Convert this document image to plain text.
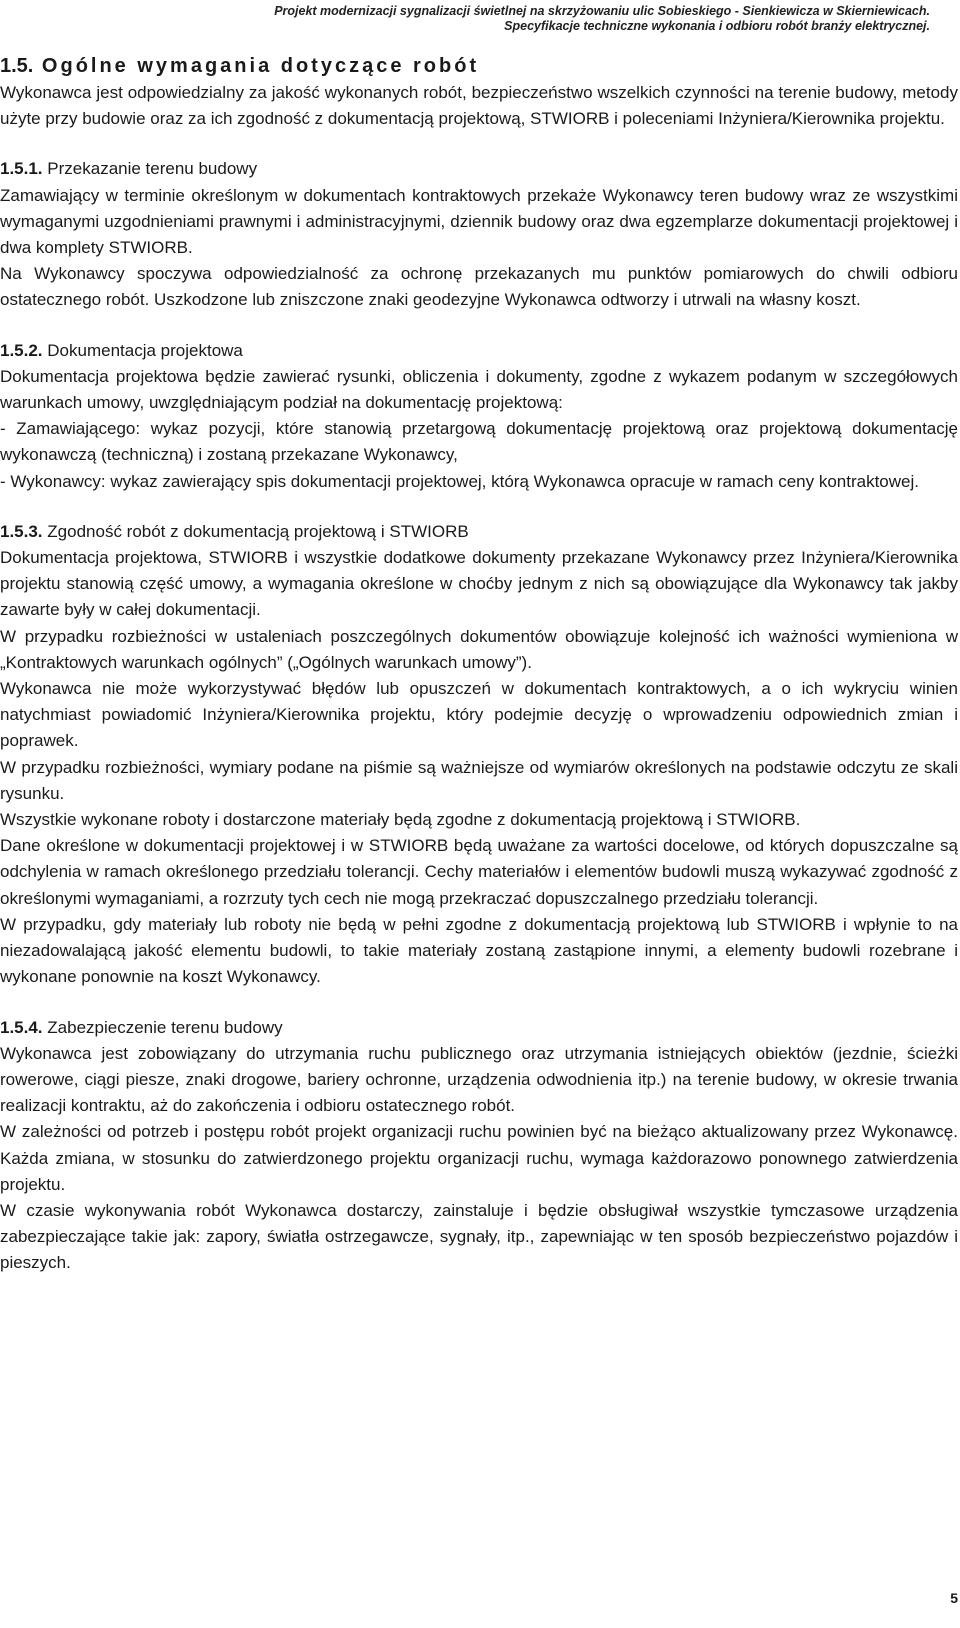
Projekt modernizacji sygnalizacji świetlnej na skrzyżowaniu ulic Sobieskiego - Sienkiewicza w Skierniewicach.
Specyfikacje techniczne wykonania i odbioru robót branży elektrycznej.
1.5. Ogólne wymagania dotyczące robót

Wykonawca jest odpowiedzialny za jakość wykonanych robót, bezpieczeństwo wszelkich czynności na terenie budowy, metody użyte przy budowie oraz za ich zgodność z dokumentacją projektową, STWIORB i poleceniami Inżyniera/Kierownika projektu.

1.5.1. Przekazanie terenu budowy

Zamawiający w terminie określonym w dokumentach kontraktowych przekaże Wykonawcy teren budowy wraz ze wszystkimi wymaganymi uzgodnieniami prawnymi i administracyjnymi, dziennik budowy oraz dwa egzemplarze dokumentacji projektowej i dwa komplety STWIORB.

Na Wykonawcy spoczywa odpowiedzialność za ochronę przekazanych mu punktów pomiarowych do chwili odbioru ostatecznego robót. Uszkodzone lub zniszczone znaki geodezyjne Wykonawca odtworzy i utrwali na własny koszt.

1.5.2. Dokumentacja projektowa

Dokumentacja projektowa będzie zawierać rysunki, obliczenia i dokumenty, zgodne z wykazem podanym w szczegółowych warunkach umowy, uwzględniającym podział na dokumentację projektową:

- Zamawiającego: wykaz pozycji, które stanowią przetargową dokumentację projektową oraz projektową dokumentację wykonawczą (techniczną) i zostaną przekazane Wykonawcy,

- Wykonawcy: wykaz zawierający spis dokumentacji projektowej, którą Wykonawca opracuje w ramach ceny kontraktowej.

1.5.3. Zgodność robót z dokumentacją projektową i STWIORB

Dokumentacja projektowa, STWIORB i wszystkie dodatkowe dokumenty przekazane Wykonawcy przez Inżyniera/Kierownika projektu stanowią część umowy, a wymagania określone w choćby jednym z nich są obowiązujące dla Wykonawcy tak jakby zawarte były w całej dokumentacji.

W przypadku rozbieżności w ustaleniach poszczególnych dokumentów obowiązuje kolejność ich ważności wymieniona w „Kontraktowych warunkach ogólnych” („Ogólnych warunkach umowy”).

Wykonawca nie może wykorzystywać błędów lub opuszczeń w dokumentach kontraktowych, a o ich wykryciu winien natychmiast powiadomić Inżyniera/Kierownika projektu, który podejmie decyzję o wprowadzeniu odpowiednich zmian i poprawek.

W przypadku rozbieżności, wymiary podane na piśmie są ważniejsze od wymiarów określonych na podstawie odczytu ze skali rysunku.

Wszystkie wykonane roboty i dostarczone materiały będą zgodne z dokumentacją projektową i STWIORB.

Dane określone w dokumentacji projektowej i w STWIORB będą uważane za wartości docelowe, od których dopuszczalne są odchylenia w ramach określonego przedziału tolerancji. Cechy materiałów i elementów budowli muszą wykazywać zgodność z określonymi wymaganiami, a rozrzuty tych cech nie mogą przekraczać dopuszczalnego przedziału tolerancji.

W przypadku, gdy materiały lub roboty nie będą w pełni zgodne z dokumentacją projektową lub STWIORB i wpłynie to na niezadowalającą jakość elementu budowli, to takie materiały zostaną zastąpione innymi, a elementy budowli rozebrane i wykonane ponownie na koszt Wykonawcy.

1.5.4. Zabezpieczenie terenu budowy

Wykonawca jest zobowiązany do utrzymania ruchu publicznego oraz utrzymania istniejących obiektów (jezdnie, ścieżki rowerowe, ciągi piesze, znaki drogowe, bariery ochronne, urządzenia odwodnienia itp.) na terenie budowy, w okresie trwania realizacji kontraktu, aż do zakończenia i odbioru ostatecznego robót.

W zależności od potrzeb i postępu robót projekt organizacji ruchu powinien być na bieżąco aktualizowany przez Wykonawcę. Każda zmiana, w stosunku do zatwierdzonego projektu organizacji ruchu, wymaga każdorazowo ponownego zatwierdzenia projektu.

W czasie wykonywania robót Wykonawca dostarczy, zainstaluje i będzie obsługiwał wszystkie tymczasowe urządzenia zabezpieczające takie jak: zapory, światła ostrzegawcze, sygnały, itp., zapewniając w ten sposób bezpieczeństwo pojazdów i pieszych.

5
